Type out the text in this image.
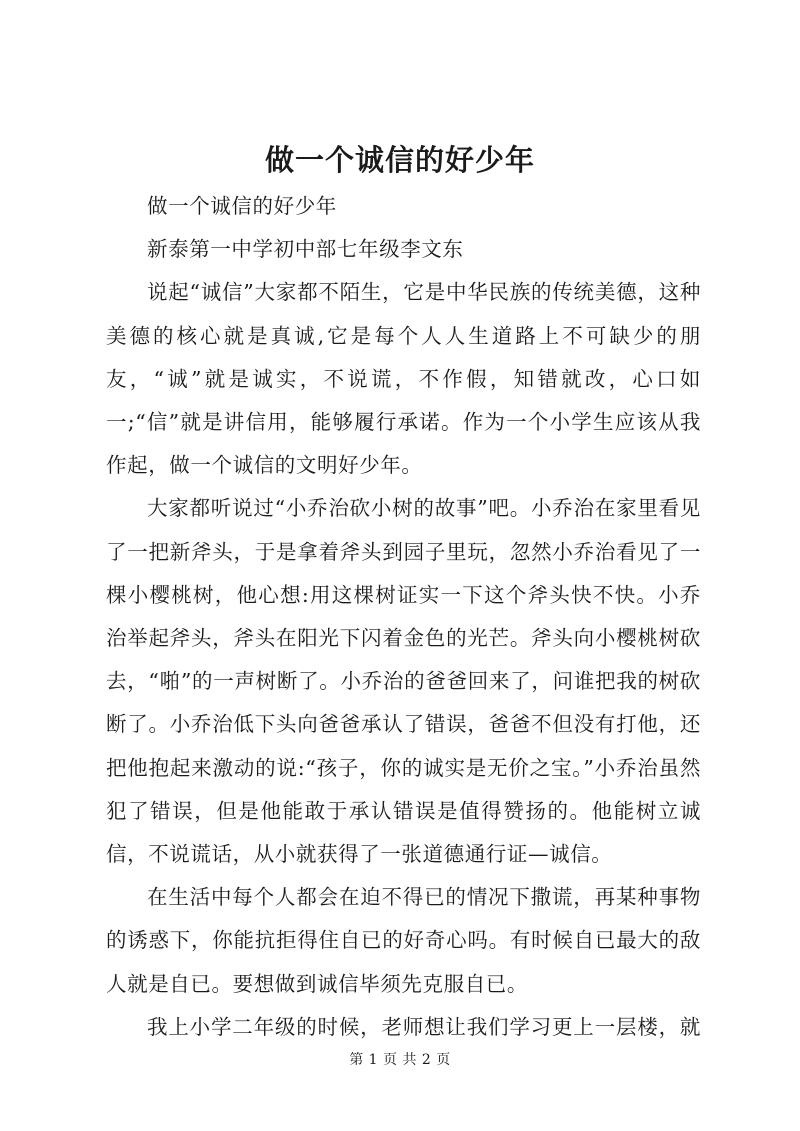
做一个诚信的好少年

做一个诚信的好少年

新泰第一中学初中部七年级李文东

说起“诚信”大家都不陌生，它是中华民族的传统美德，这种美德的核心就是真诚,它是每个人人生道路上不可缺少的朋友，“诚”就是诚实，不说谎，不作假，知错就改，心口如一;“信”就是讲信用，能够履行承诺。作为一个小学生应该从我作起，做一个诚信的文明好少年。

大家都听说过“小乔治砍小树的故事”吧。小乔治在家里看见了一把新斧头，于是拿着斧头到园子里玩，忽然小乔治看见了一棵小樱桃树，他心想:用这棵树证实一下这个斧头快不快。小乔治举起斧头，斧头在阳光下闪着金色的光芒。斧头向小樱桃树砍去，“啪”的一声树断了。小乔治的爸爸回来了，问谁把我的树砍断了。小乔治低下头向爸爸承认了错误，爸爸不但没有打他，还把他抱起来激动的说:“孩子，你的诚实是无价之宝。”小乔治虽然犯了错误，但是他能敢于承认错误是值得赞扬的。他能树立诚信，不说谎话，从小就获得了一张道德通行证—诚信。

在生活中每个人都会在迫不得已的情况下撒谎，再某种事物的诱惑下，你能抗拒得住自已的好奇心吗。有时候自已最大的敌人就是自已。要想做到诚信毕须先克服自已。

我上小学二年级的时候，老师想让我们学习更上一层楼，就

第 1 页 共 2 页
